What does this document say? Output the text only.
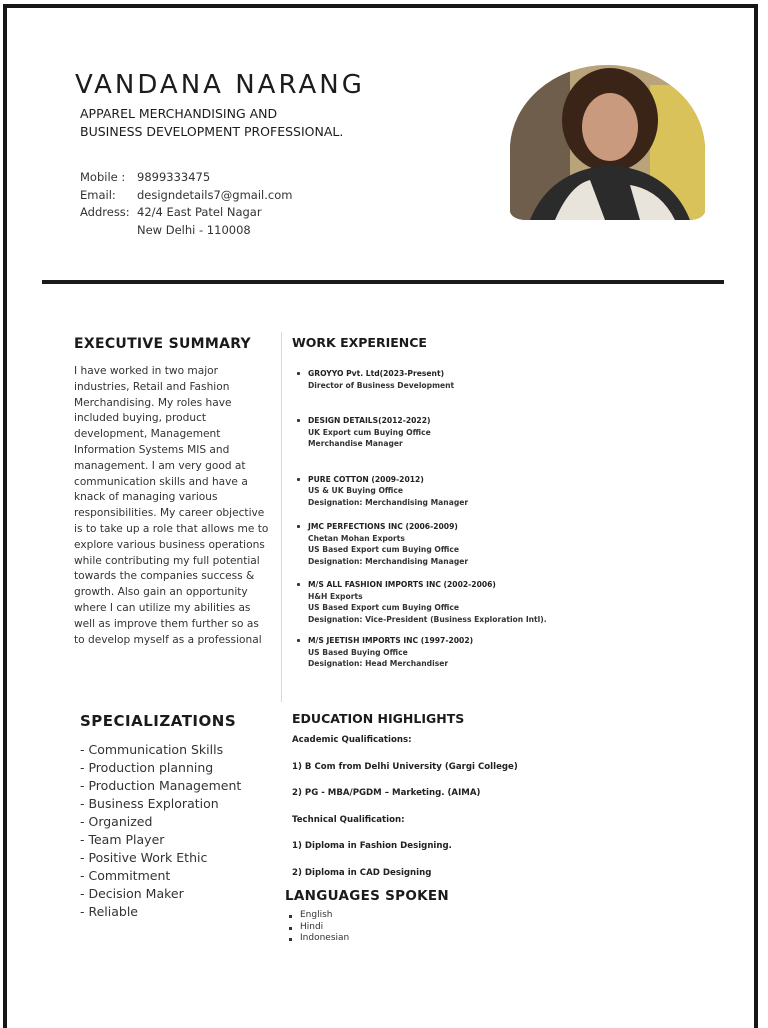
VANDANA NARANG
APPAREL MERCHANDISING AND
BUSINESS DEVELOPMENT PROFESSIONAL.
Mobile :	9899333475
Email:	designdetails7@gmail.com
Address: 42/4 East Patel Nagar
New Delhi - 110008
EXECUTIVE SUMMARY
I have worked in two major industries, Retail and Fashion Merchandising. My roles have included buying, product development, Management Information Systems MIS and management. I am very good at communication skills and have a knack of managing various responsibilities. My career objective is to take up a role that allows me to explore various business operations while contributing my full potential towards the companies success & growth. Also gain an opportunity where I can utilize my abilities as well as improve them further so as to develop myself as a professional
SPECIALIZATIONS
- Communication Skills
- Production planning
- Production Management
- Business Exploration
- Organized
- Team Player
- Positive Work Ethic
- Commitment
- Decision Maker
- Reliable
WORK EXPERIENCE
GROYYO Pvt. Ltd(2023-Present)
Director of Business Development
DESIGN DETAILS(2012-2022)
UK Export cum Buying Office
Merchandise Manager
PURE COTTON (2009-2012)
US & UK Buying Office
Designation: Merchandising Manager
JMC PERFECTIONS INC (2006-2009)
Chetan Mohan Exports
US Based Export cum Buying Office
Designation: Merchandising Manager
M/S ALL FASHION IMPORTS INC (2002-2006)
H&H Exports
US Based Export cum Buying Office
Designation: Vice-President (Business Exploration Intl).
M/S JEETISH IMPORTS INC (1997-2002)
US Based Buying Office
Designation: Head Merchandiser
EDUCATION HIGHLIGHTS
Academic Qualifications:
1) B Com from Delhi University (Gargi College)
2) PG - MBA/PGDM – Marketing. (AIMA)
Technical Qualification:
1) Diploma in Fashion Designing.
2) Diploma in CAD Designing
LANGUAGES SPOKEN
English
Hindi
Indonesian
